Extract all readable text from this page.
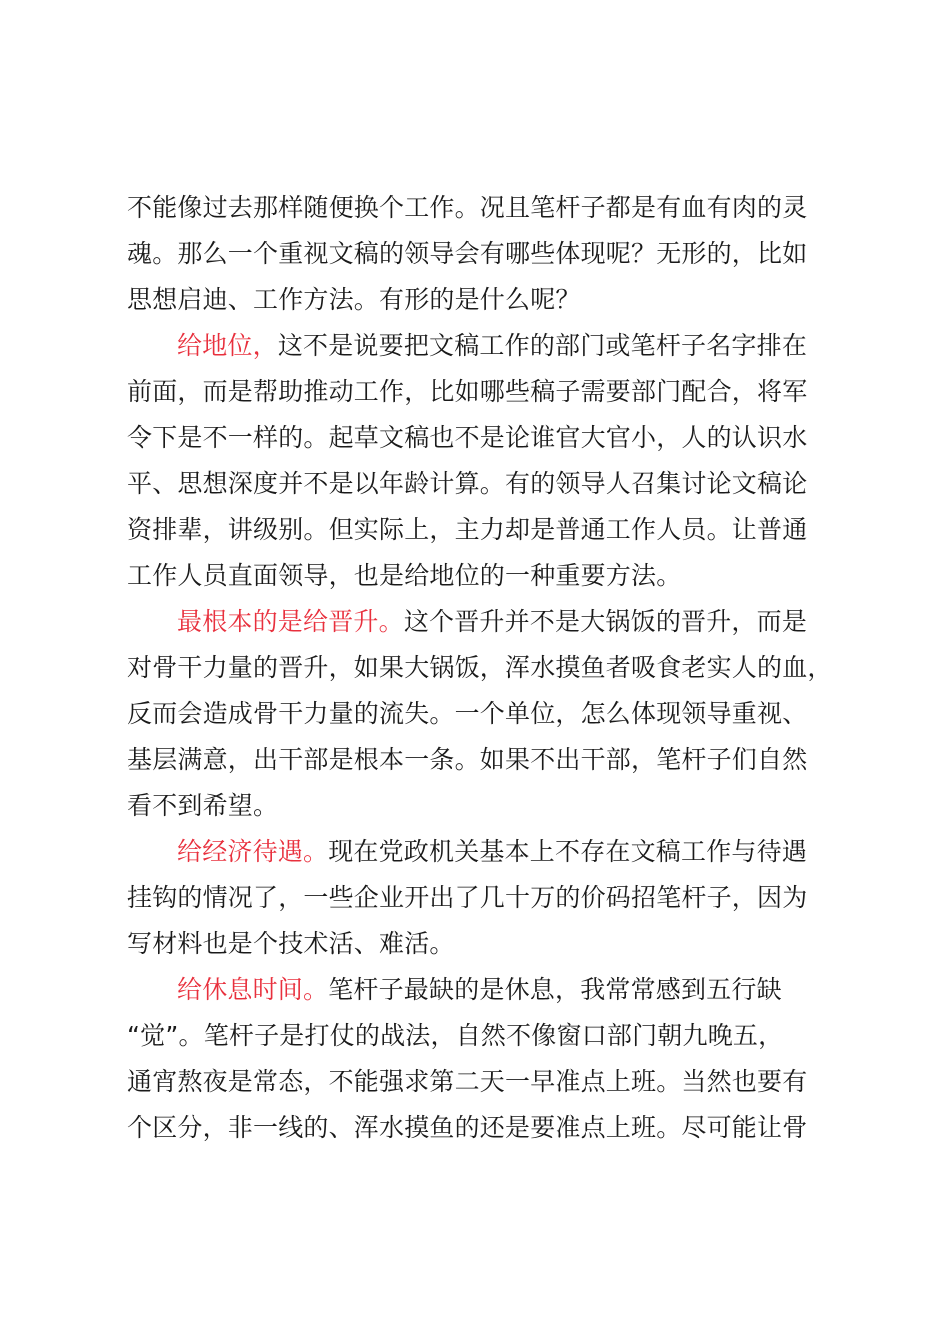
不能像过去那样随便换个工作。况且笔杆子都是有血有肉的灵
魂。那么一个重视文稿的领导会有哪些体现呢？无形的，比如
思想启迪、工作方法。有形的是什么呢？
给地位，这不是说要把文稿工作的部门或笔杆子名字排在
前面，而是帮助推动工作，比如哪些稿子需要部门配合，将军
令下是不一样的。起草文稿也不是论谁官大官小，人的认识水
平、思想深度并不是以年龄计算。有的领导人召集讨论文稿论
资排辈，讲级别。但实际上，主力却是普通工作人员。让普通
工作人员直面领导，也是给地位的一种重要方法。
最根本的是给晋升。这个晋升并不是大锅饭的晋升，而是
对骨干力量的晋升，如果大锅饭，浑水摸鱼者吸食老实人的血，
反而会造成骨干力量的流失。一个单位，怎么体现领导重视、
基层满意，出干部是根本一条。如果不出干部，笔杆子们自然
看不到希望。
给经济待遇。现在党政机关基本上不存在文稿工作与待遇
挂钩的情况了，一些企业开出了几十万的价码招笔杆子，因为
写材料也是个技术活、难活。
给休息时间。笔杆子最缺的是休息，我常常感到五行缺
“觉”。笔杆子是打仗的战法，自然不像窗口部门朝九晚五，
通宵熬夜是常态，不能强求第二天一早准点上班。当然也要有
个区分，非一线的、浑水摸鱼的还是要准点上班。尽可能让骨
